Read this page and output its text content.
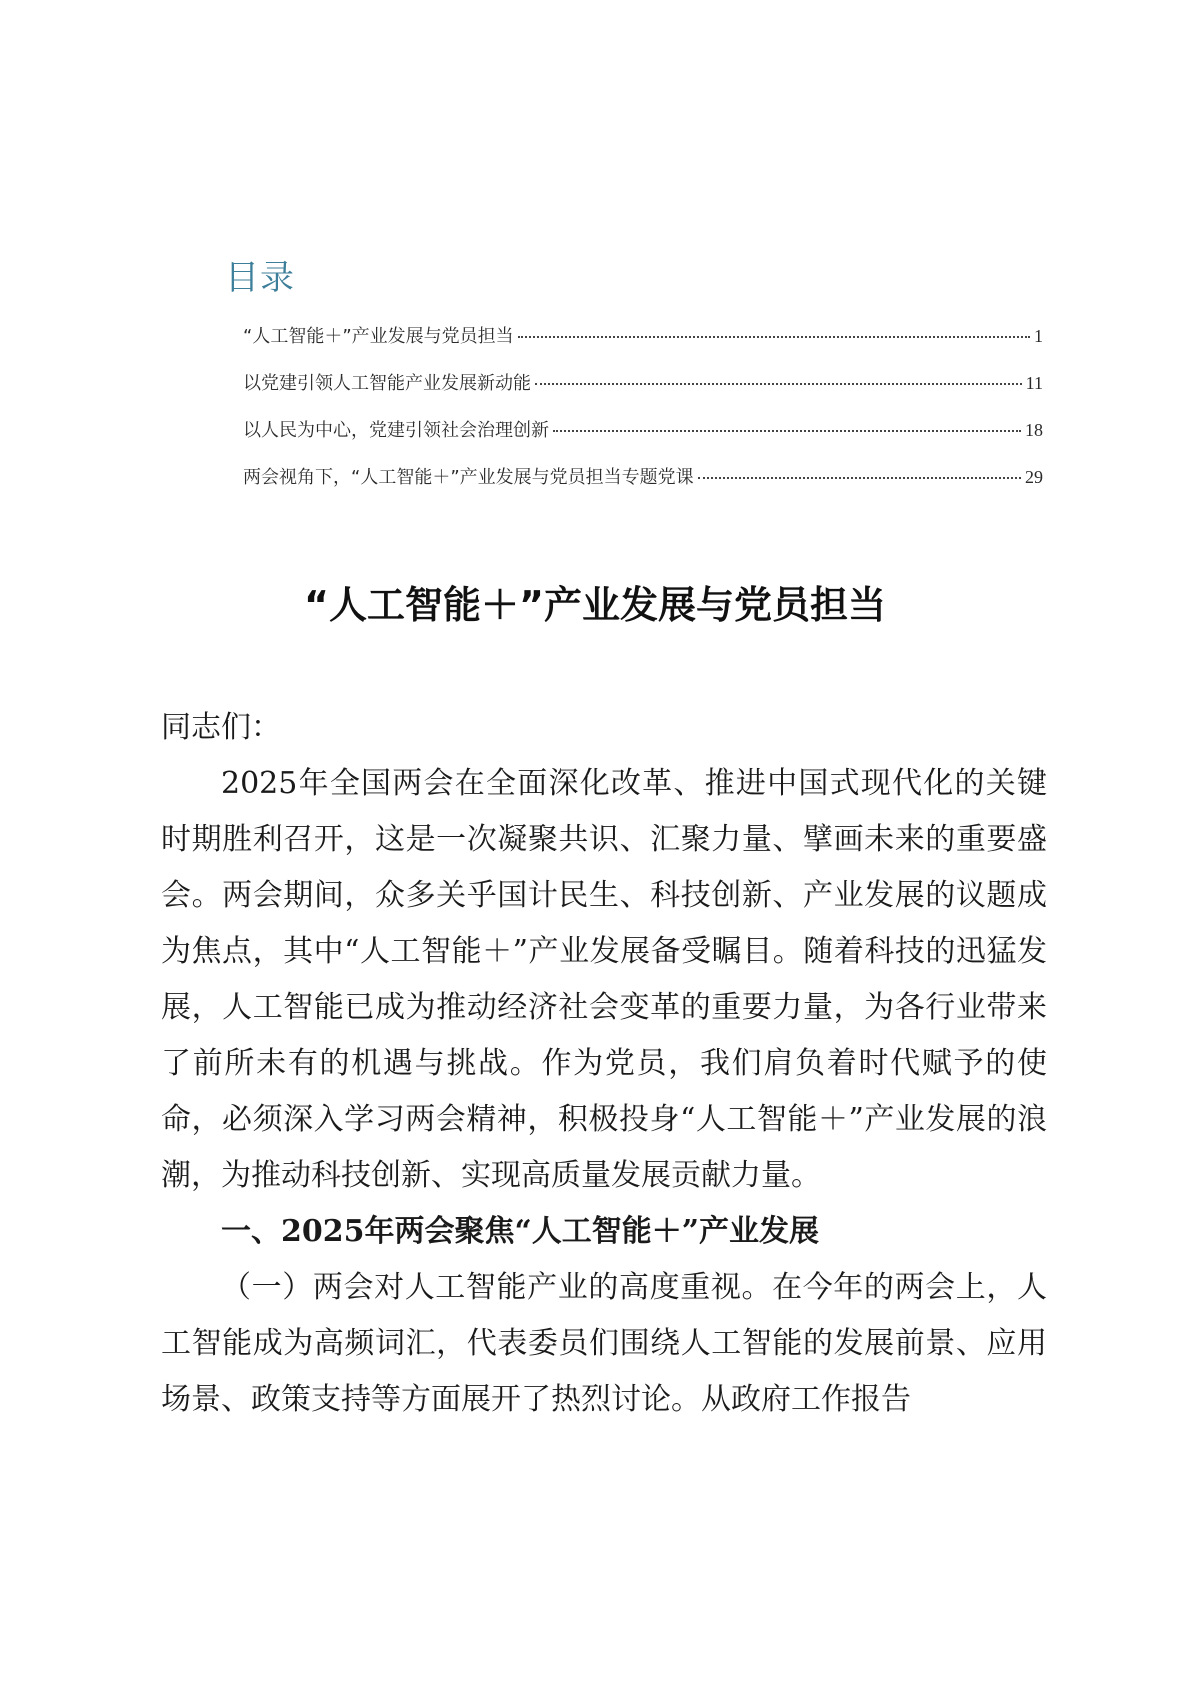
目录
“人工智能＋”产业发展与党员担当	1
以党建引领人工智能产业发展新动能	11
以人民为中心，党建引领社会治理创新	18
两会视角下，“人工智能＋”产业发展与党员担当专题党课	29
“人工智能＋”产业发展与党员担当

同志们：

2025年全国两会在全面深化改革、推进中国式现代化的关键时期胜利召开，这是一次凝聚共识、汇聚力量、擘画未来的重要盛会。两会期间，众多关乎国计民生、科技创新、产业发展的议题成为焦点，其中“人工智能＋”产业发展备受瞩目。随着科技的迅猛发展，人工智能已成为推动经济社会变革的重要力量，为各行业带来了前所未有的机遇与挑战。作为党员，我们肩负着时代赋予的使命，必须深入学习两会精神，积极投身“人工智能＋”产业发展的浪潮，为推动科技创新、实现高质量发展贡献力量。

一、2025年两会聚焦“人工智能＋”产业发展

（一）两会对人工智能产业的高度重视。在今年的两会上，人工智能成为高频词汇，代表委员们围绕人工智能的发展前景、应用场景、政策支持等方面展开了热烈讨论。从政府工作报告
